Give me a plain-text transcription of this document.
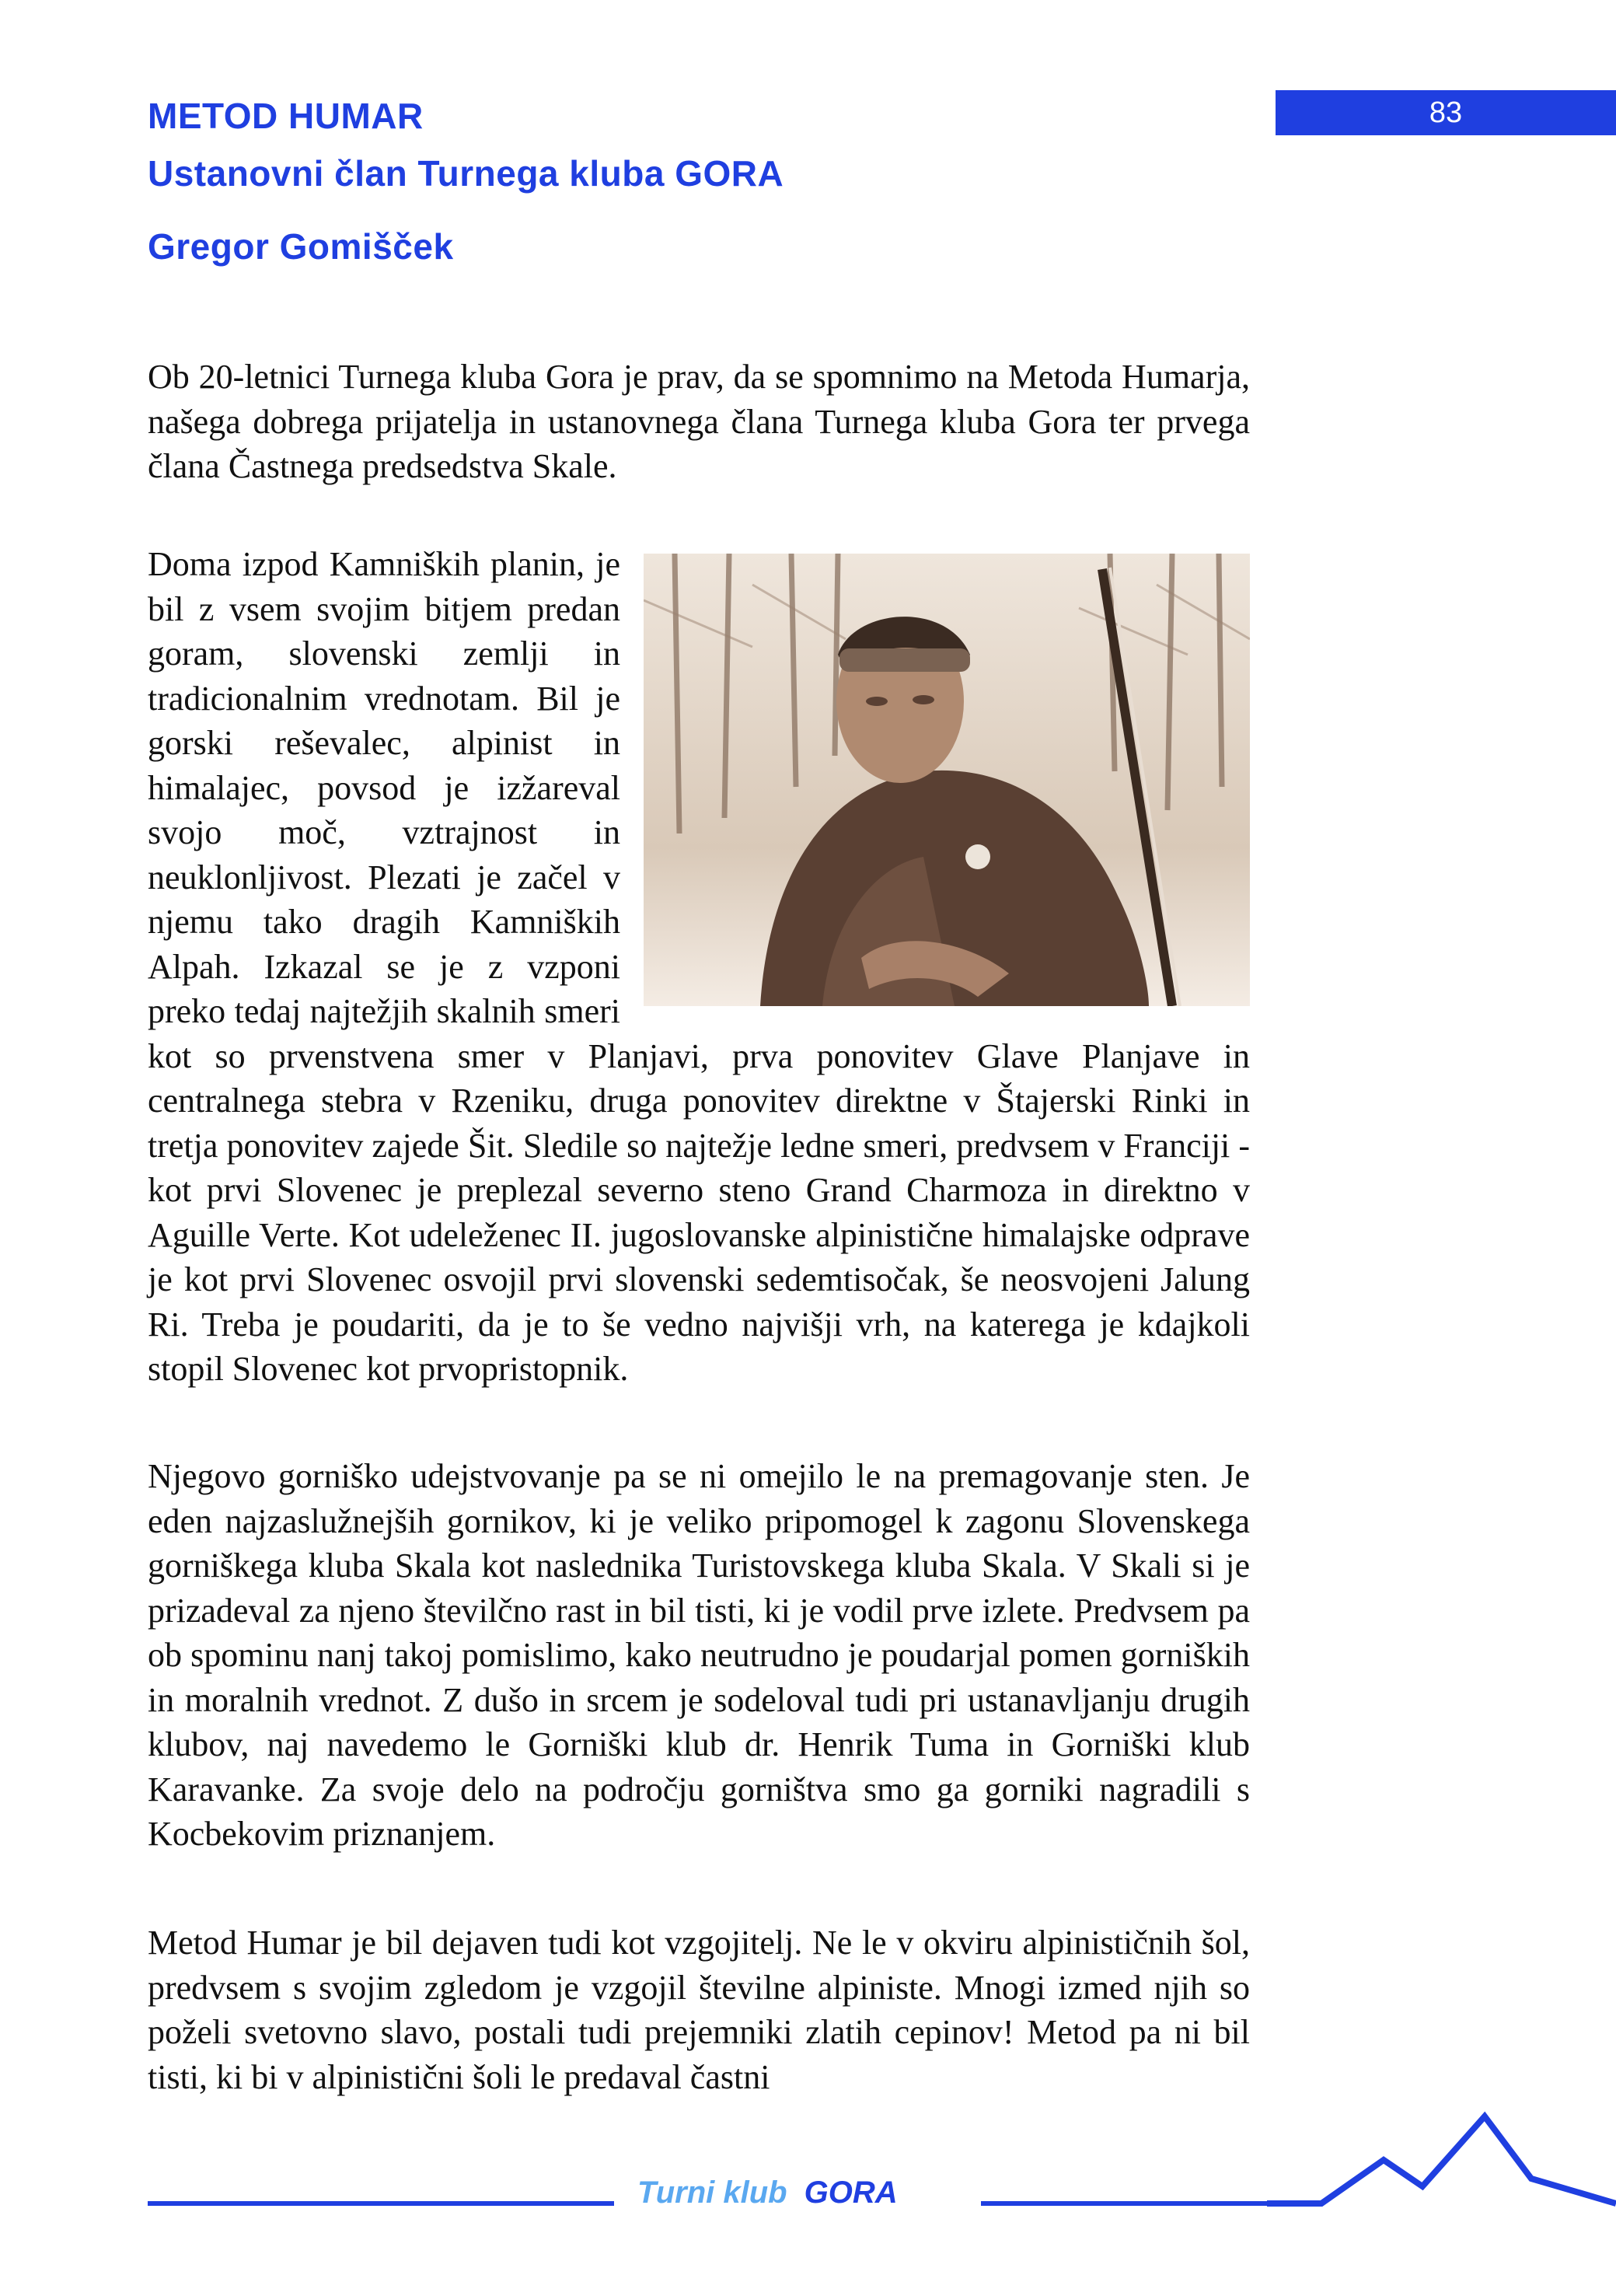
METOD HUMAR
Ustanovni član Turnega kluba GORA
Gregor Gomišček
83

Ob 20-letnici Turnega kluba Gora je prav, da se spomnimo na Metoda Humarja, našega dobrega prijatelja in ustanovnega člana Turnega kluba Gora ter prvega člana Častnega predsedstva Skale.

Doma izpod Kamniških planin, je bil z vsem svojim bitjem predan goram, slovenski zemlji in tradicionalnim vrednotam. Bil je gorski reševalec, alpinist in himalajec, povsod je izžareval svojo moč, vztrajnost in neuklonljivost. Plezati je začel v njemu tako dragih Kamniških Alpah. Izkazal se je z vzponi preko tedaj najtežjih skalnih smeri kot so prvenstvena smer v Planjavi, prva ponovitev Glave Planjave in centralnega stebra v Rzeniku, druga ponovitev direktne v Štajerski Rinki in tretja ponovitev zajede Šit. Sledile so najtežje ledne smeri, predvsem v Franciji - kot prvi Slovenec je preplezal severno steno Grand Charmoza in direktno v Aguille Verte. Kot udeleženec II. jugoslovanske alpinistične himalajske odprave je kot prvi Slovenec osvojil prvi slovenski sedemtisočak, še neosvojeni Jalung Ri. Treba je poudariti, da je to še vedno najvišji vrh, na katerega je kdajkoli stopil Slovenec kot prvopristopnik.

Njegovo gorniško udejstvovanje pa se ni omejilo le na premagovanje sten. Je eden najzaslužnejših gornikov, ki je veliko pripomogel k zagonu Slovenskega gorniškega kluba Skala kot naslednika Turistovskega kluba Skala. V Skali si je prizadeval za njeno številčno rast in bil tisti, ki je vodil prve izlete. Predvsem pa ob spominu nanj takoj pomislimo, kako neutrudno je poudarjal pomen gorniških in moralnih vrednot. Z dušo in srcem je sodeloval tudi pri ustanavljanju drugih klubov, naj navedemo le Gorniški klub dr. Henrik Tuma in Gorniški klub Karavanke. Za svoje delo na področju gorništva smo ga gorniki nagradili s Kocbekovim priznanjem.

Metod Humar je bil dejaven tudi kot vzgojitelj. Ne le v okviru alpinističnih šol, predvsem s svojim zgledom je vzgojil številne alpiniste. Mnogi izmed njih so poželi svetovno slavo, postali tudi prejemniki zlatih cepinov! Metod pa ni bil tisti, ki bi v alpinistični šoli le predaval častni

Turni klub GORA
